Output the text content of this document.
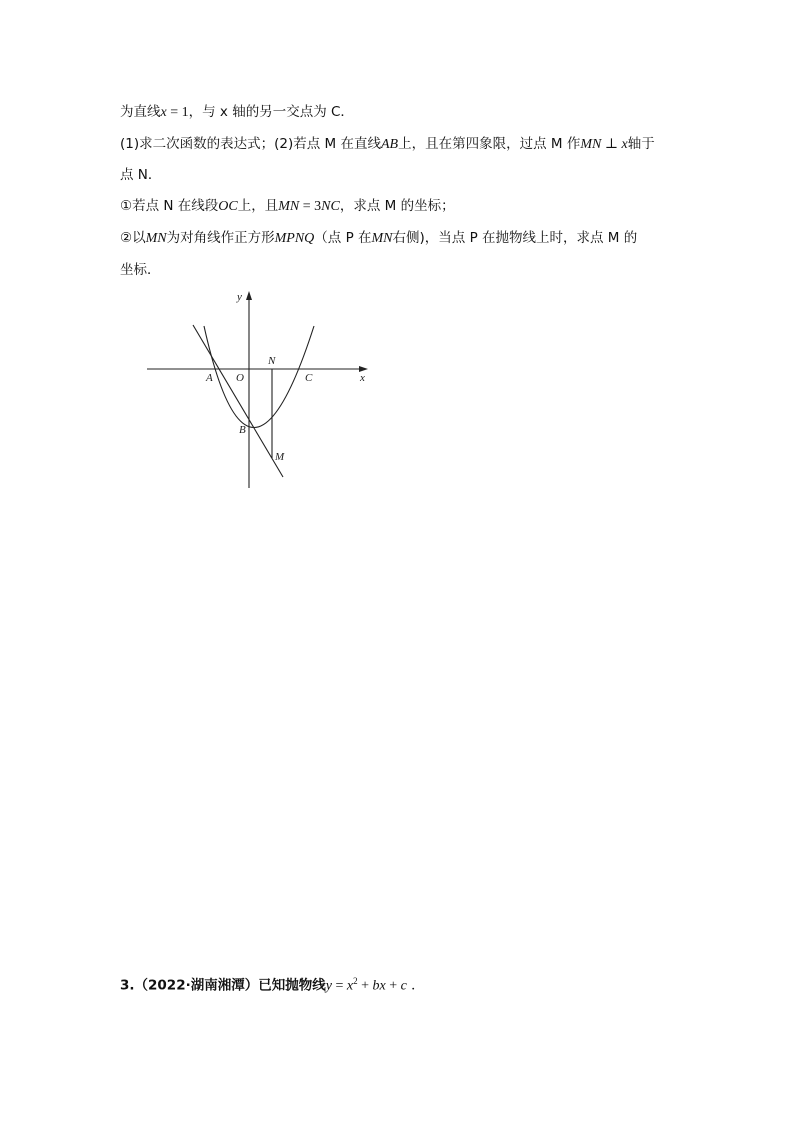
为直线x = 1，与 x 轴的另一交点为 C．
(1)求二次函数的表达式；(2)若点 M 在直线AB上，且在第四象限，过点 M 作MN ⊥ x轴于
点 N．
①若点 N 在线段OC上，且MN = 3NC，求点 M 的坐标；
②以MN为对角线作正方形MPNQ（点 P 在MN右侧)，当点 P 在抛物线上时，求点 M 的
坐标．
y
x
N
A O	C
B
M
3.（2022·湖南湘潭）已知抛物线$y = x^2$ + bx + c ．
